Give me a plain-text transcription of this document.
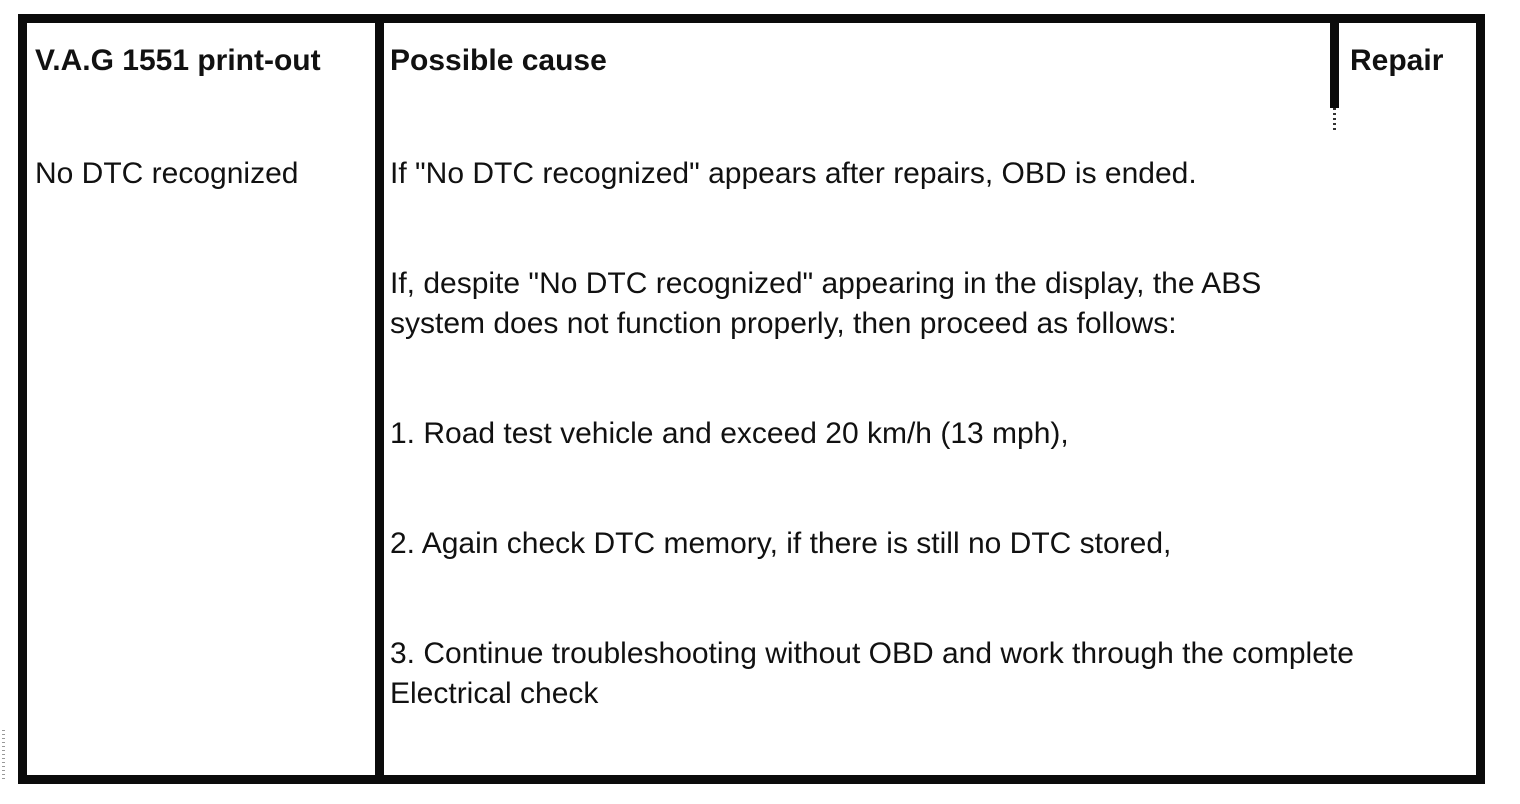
V.A.G 1551 print-out Possible cause	Repair
No DTC recognized	If "No DTC recognized" appears after repairs, OBD is ended.
If, despite "No DTC recognized" appearing in the display, the ABS
system does not function properly, then proceed as follows:
1. Road test vehicle and exceed 20 km/h (13 mph),
2. Again check DTC memory, if there is still no DTC stored,
3. Continue troubleshooting without OBD and work through the complete
Electrical check
